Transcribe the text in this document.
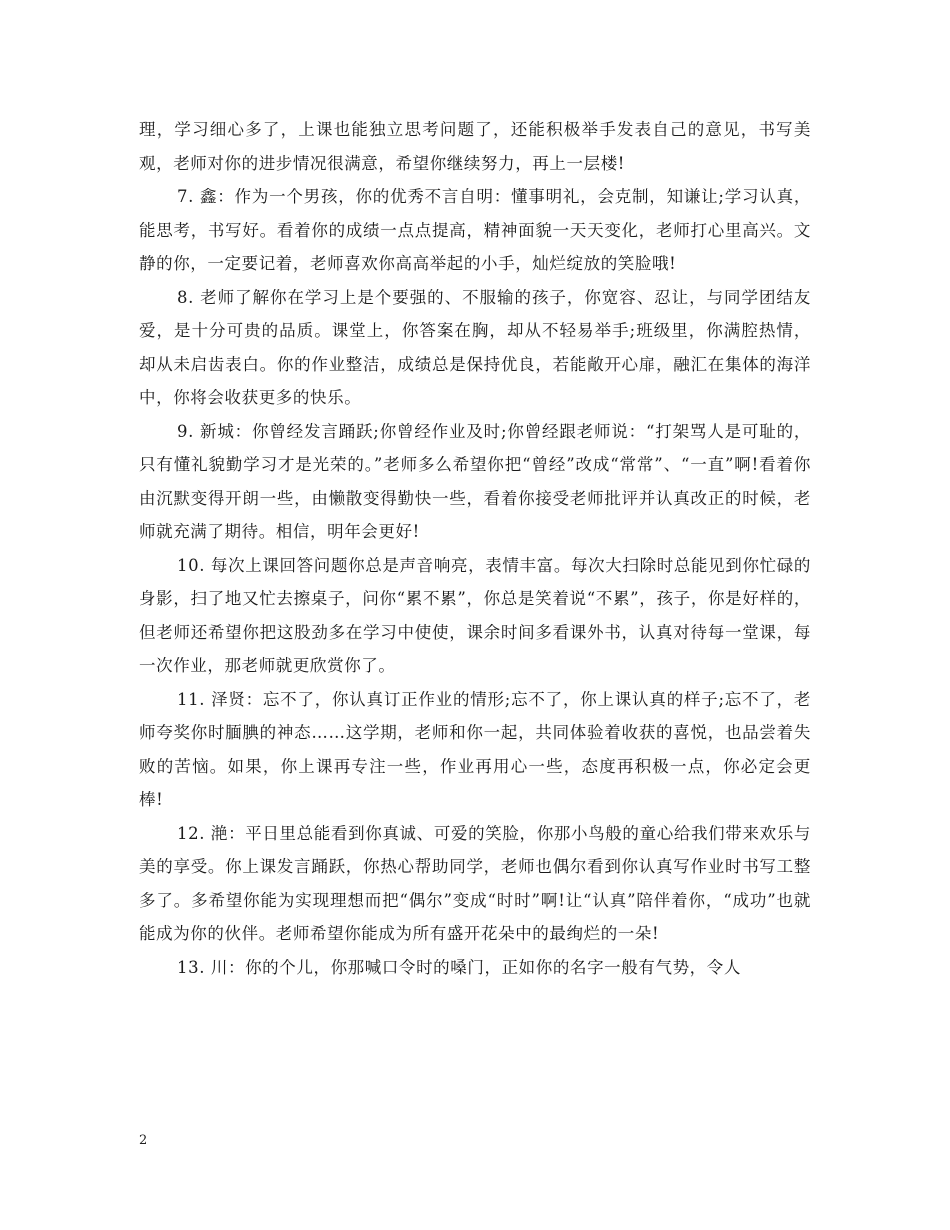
理，学习细心多了，上课也能独立思考问题了，还能积极举手发表自己的意见，书写美观，老师对你的进步情况很满意，希望你继续努力，再上一层楼!

7. 鑫：作为一个男孩，你的优秀不言自明：懂事明礼，会克制，知谦让;学习认真，能思考，书写好。看着你的成绩一点点提高，精神面貌一天天变化，老师打心里高兴。文静的你，一定要记着，老师喜欢你高高举起的小手，灿烂绽放的笑脸哦!

8. 老师了解你在学习上是个要强的、不服输的孩子，你宽容、忍让，与同学团结友爱，是十分可贵的品质。课堂上，你答案在胸，却从不轻易举手;班级里，你满腔热情，却从未启齿表白。你的作业整洁，成绩总是保持优良，若能敞开心扉，融汇在集体的海洋中，你将会收获更多的快乐。

9. 新城：你曾经发言踊跃;你曾经作业及时;你曾经跟老师说：“打架骂人是可耻的，只有懂礼貌勤学习才是光荣的。”老师多么希望你把“曾经”改成“常常”、“一直”啊!看着你由沉默变得开朗一些，由懒散变得勤快一些，看着你接受老师批评并认真改正的时候，老师就充满了期待。相信，明年会更好!

10. 每次上课回答问题你总是声音响亮，表情丰富。每次大扫除时总能见到你忙碌的身影，扫了地又忙去擦桌子，问你“累不累”，你总是笑着说“不累”，孩子，你是好样的，但老师还希望你把这股劲多在学习中使使，课余时间多看课外书，认真对待每一堂课，每一次作业，那老师就更欣赏你了。

11. 泽贤：忘不了，你认真订正作业的情形;忘不了，你上课认真的样子;忘不了，老师夸奖你时腼腆的神态……这学期，老师和你一起，共同体验着收获的喜悦，也品尝着失败的苦恼。如果，你上课再专注一些，作业再用心一些，态度再积极一点，你必定会更棒!

12. 滟：平日里总能看到你真诚、可爱的笑脸，你那小鸟般的童心给我们带来欢乐与美的享受。你上课发言踊跃，你热心帮助同学，老师也偶尔看到你认真写作业时书写工整多了。多希望你能为实现理想而把“偶尔”变成“时时”啊!让“认真”陪伴着你，“成功”也就能成为你的伙伴。老师希望你能成为所有盛开花朵中的最绚烂的一朵!

13. 川：你的个儿，你那喊口令时的嗓门，正如你的名字一般有气势，令人

2
